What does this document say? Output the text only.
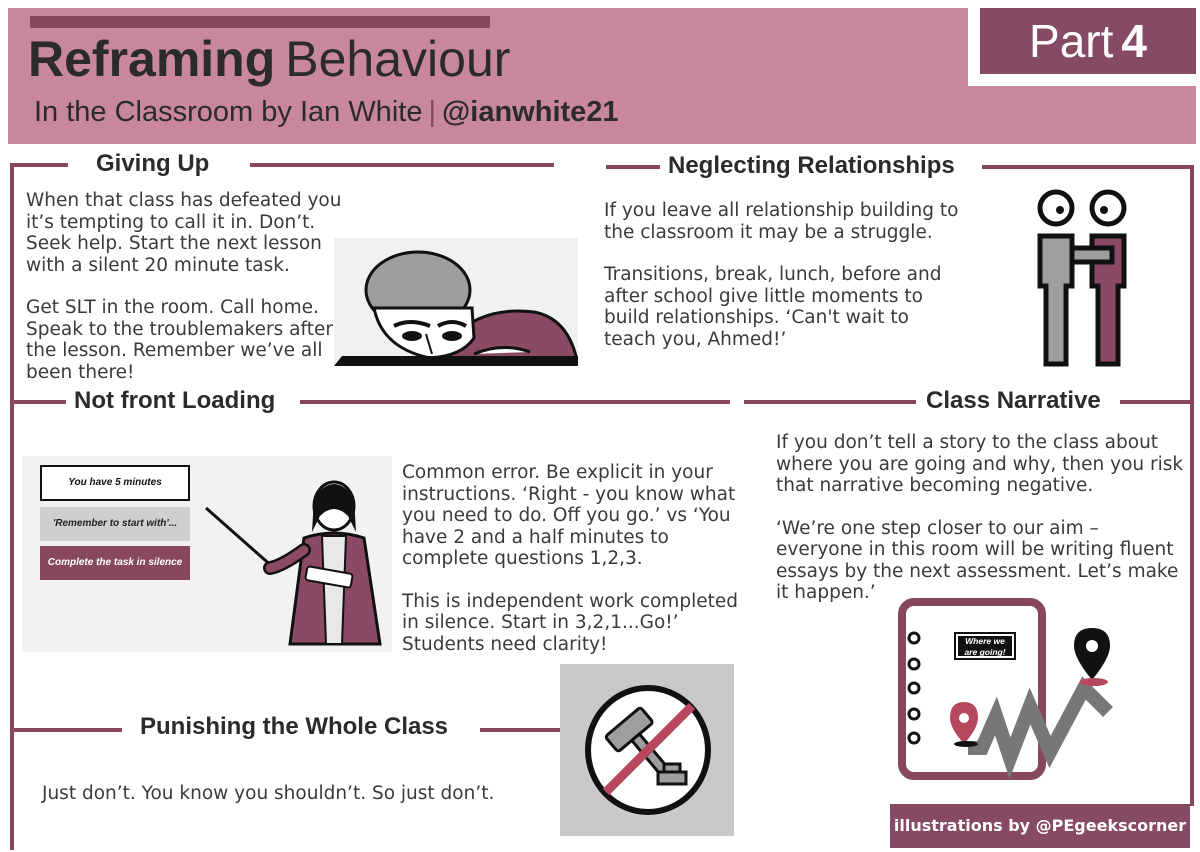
Reframing Behaviour
In the Classroom by Ian White | @ianwhite21
Part 4
Giving Up

When that class has defeated you it’s tempting to call it in. Don’t. Seek help. Start the next lesson with a silent 20 minute task.

Get SLT in the room. Call home. Speak to the troublemakers after the lesson. Remember we’ve all been there!

Neglecting Relationships

If you leave all relationship building to the classroom it may be a struggle.

Transitions, break, lunch, before and after school give little moments to build relationships. ‘Can't wait to teach you, Ahmed!’

Not front Loading
You have 5 minutes
'Remember to start with'...
Complete the task in silence

Common error. Be explicit in your instructions. ‘Right - you know what you need to do. Off you go.’ vs ‘You have 2 and a half minutes to complete questions 1,2,3.

This is independent work completed in silence. Start in 3,2,1...Go!’ Students need clarity!

Class Narrative

If you don’t tell a story to the class about where you are going and why, then you risk that narrative becoming negative.

‘We’re one step closer to our aim – everyone in this room will be writing fluent essays by the next assessment. Let’s make it happen.’

Where we
are going!
Punishing the Whole Class

Just don’t. You know you shouldn’t. So just don’t.

illustrations by @PEgeekscorner
